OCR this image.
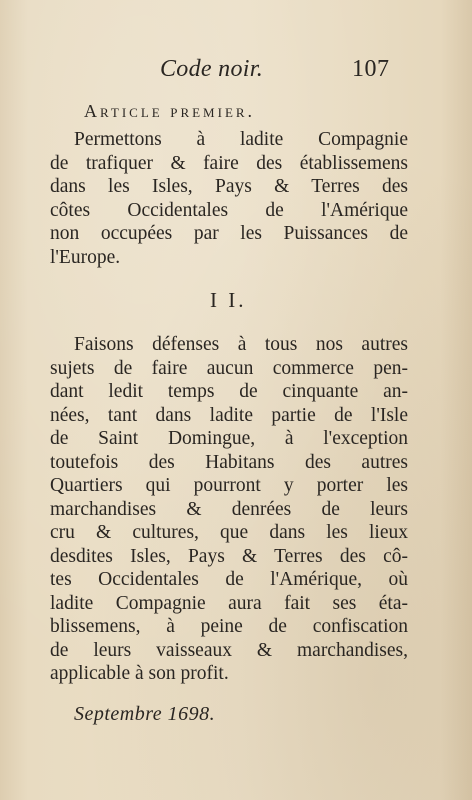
Code noir.	107
Article premier.
Permettons à ladite Compagnie
de trafiquer & faire des établissemens
dans les Isles, Pays & Terres des
côtes Occidentales de l'Amérique
non occupées par les Puissances de
l'Europe.
I I.
Faisons défenses à tous nos autres
sujets de faire aucun commerce pen-
dant ledit temps de cinquante an-
nées, tant dans ladite partie de l'Isle
de Saint Domingue, à l'exception
toutefois des Habitans des autres
Quartiers qui pourront y porter les
marchandises & denrées de leurs
cru & cultures, que dans les lieux
desdites Isles, Pays & Terres des cô-
tes Occidentales de l'Amérique, où
ladite Compagnie aura fait ses éta-
blissemens, à peine de confiscation
de leurs vaisseaux & marchandises,
applicable à son profit.
Septembre 1698.
